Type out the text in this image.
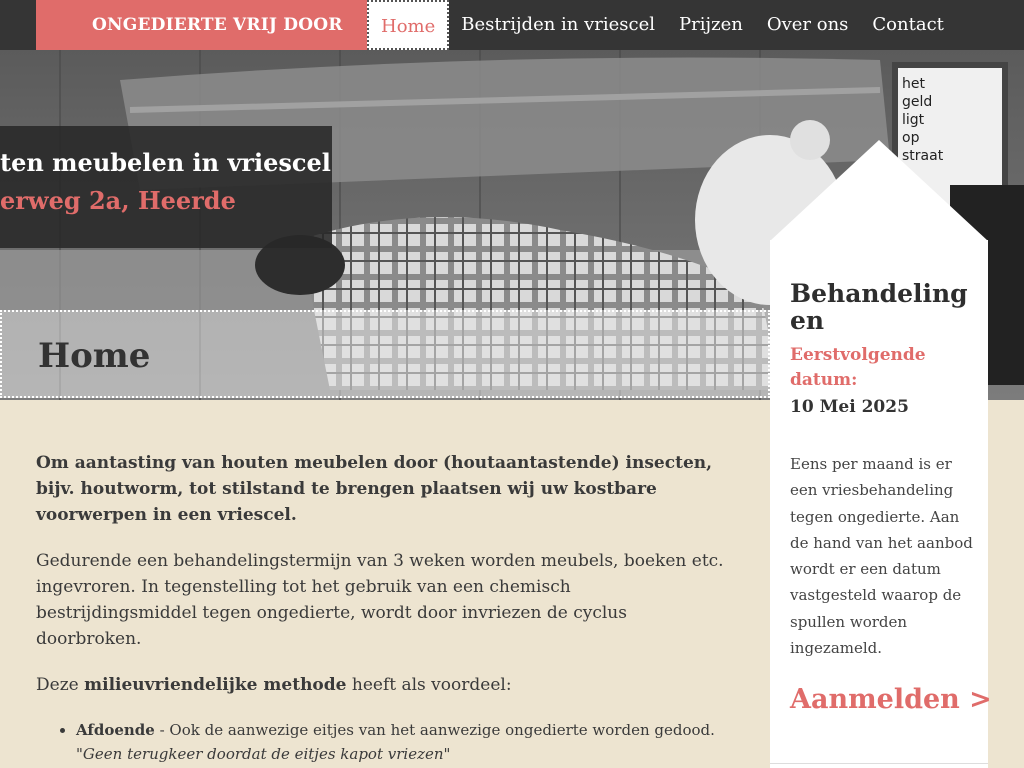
ONGEDIERTE VRIJ DOOR	Home	Bestrijden in vriescel	Prijzen	Over ons	Contact
het
geld
ligt
op
straat
ten meubelen in vriescel
erweg 2a, Heerde
Home

Om aantasting van houten meubelen door (houtaantastende) insecten, bijv. houtworm, tot stilstand te brengen plaatsen wij uw kostbare voorwerpen in een vriescel.

Gedurende een behandelingstermijn van 3 weken worden meubels, boeken etc. ingevroren. In tegenstelling tot het gebruik van een chemisch bestrijdingsmiddel tegen ongedierte, wordt door invriezen de cyclus doorbroken.

Deze milieuvriendelijke methode heeft als voordeel:

• Afdoende - Ook de aanwezige eitjes van het aanwezige ongedierte worden gedood.
"Geen terugkeer doordat de eitjes kapot vriezen"
Behandelingen
Eerstvolgende datum:
10 Mei 2025
Eens per maand is er een vriesbehandeling tegen ongedierte. Aan de hand van het aanbod wordt er een datum vastgesteld waarop de spullen worden ingezameld.
Aanmelden >
